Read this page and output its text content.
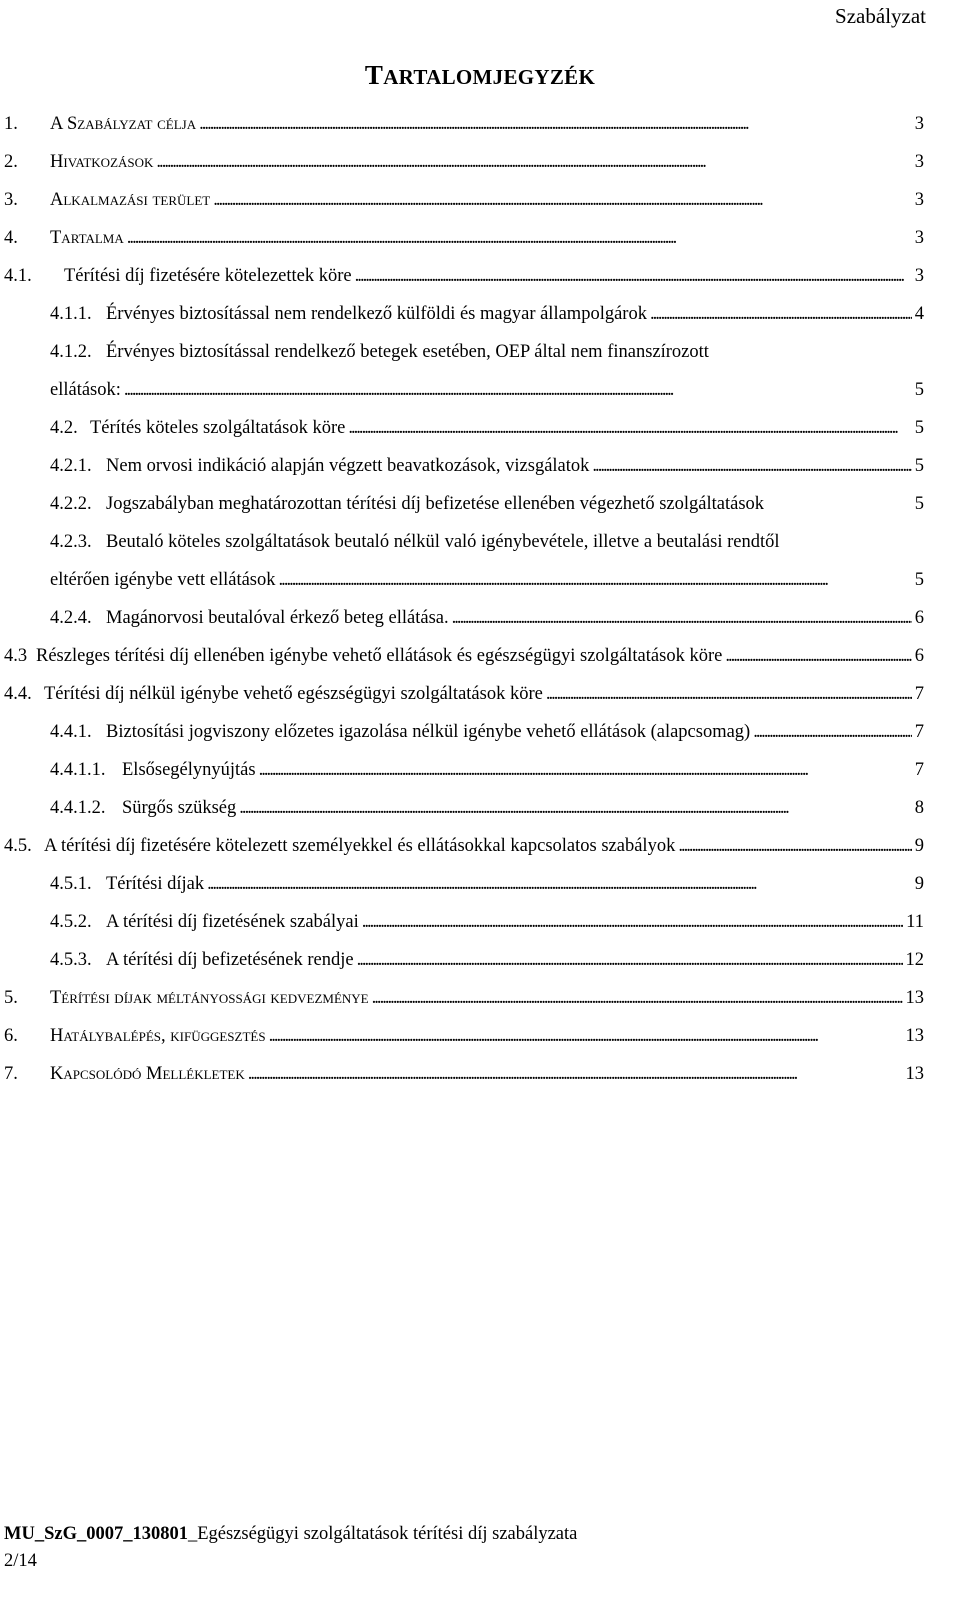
Szabályzat
TARTALOMJEGYZÉK
1.	A Szabályzat célja . . .	3
2.	Hivatkozások . . .	3
3.	Alkalmazási terület . . .	3
4.	Tartalma . . .	3
4.1.	Térítési díj fizetésére kötelezettek köre . . .	3
4.1.1. Érvényes biztosítással nem rendelkező külföldi és magyar állampolgárok . . .	4
4.1.2. Érvényes biztosítással rendelkező betegek esetében, OEP által nem finanszírozott
ellátások: . . .	5
4.2. Térítés köteles szolgáltatások köre . . .	5
4.2.1. Nem orvosi indikáció alapján végzett beavatkozások, vizsgálatok . . .	5
4.2.2. Jogszabályban meghatározottan térítési díj befizetése ellenében végezhető szolgáltatások	5
4.2.3. Beutaló köteles szolgáltatások beutaló nélkül való igénybevétele, illetve a beutalási rendtől
eltérően igénybe vett ellátások . . .	5
4.2.4. Magánorvosi beutalóval érkező beteg ellátása. . . .	6
4.3 Részleges térítési díj ellenében igénybe vehető ellátások és egészségügyi szolgáltatások köre . . .	6
4.4. Térítési díj nélkül igénybe vehető egészségügyi szolgáltatások köre . . .	7
4.4.1. Biztosítási jogviszony előzetes igazolása nélkül igénybe vehető ellátások (alapcsomag) . . .	7
4.4.1.1. Elsősegélynyújtás . . .	7
4.4.1.2. Sürgős szükség . . .	8
4.5. A térítési díj fizetésére kötelezett személyekkel és ellátásokkal kapcsolatos szabályok . . .	9
4.5.1. Térítési díjak . . .	9
4.5.2. A térítési díj fizetésének szabályai . . .	11
4.5.3. A térítési díj befizetésének rendje . . .	12
5.	Térítési díjak méltányossági kedvezménye . . .	13
6.	Hatálybalépés, kifüggesztés . . .	13
7.	Kapcsolódó Mellékletek . . .	13
MU_SzG_0007_130801_Egészségügyi szolgáltatások térítési díj szabályzata
2/14
